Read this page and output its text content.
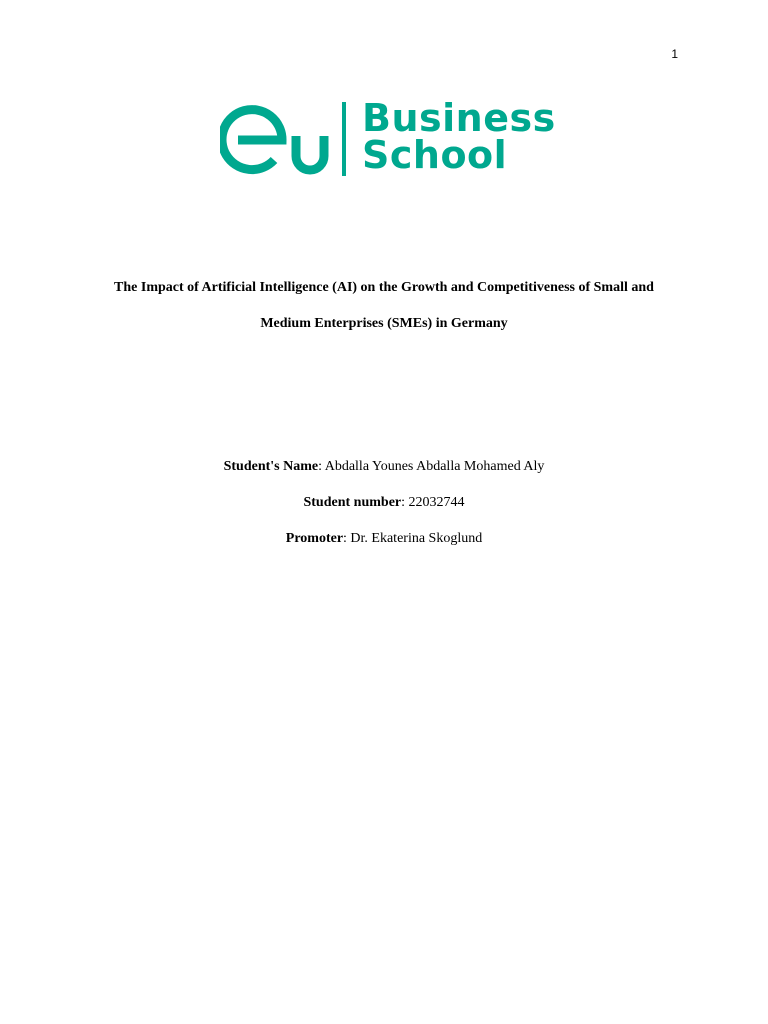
1
Business
School
The Impact of Artificial Intelligence (AI) on the Growth and Competitiveness of Small and
Medium Enterprises (SMEs) in Germany
Student's Name: Abdalla Younes Abdalla Mohamed Aly
Student number: 22032744
Promoter: Dr. Ekaterina Skoglund
